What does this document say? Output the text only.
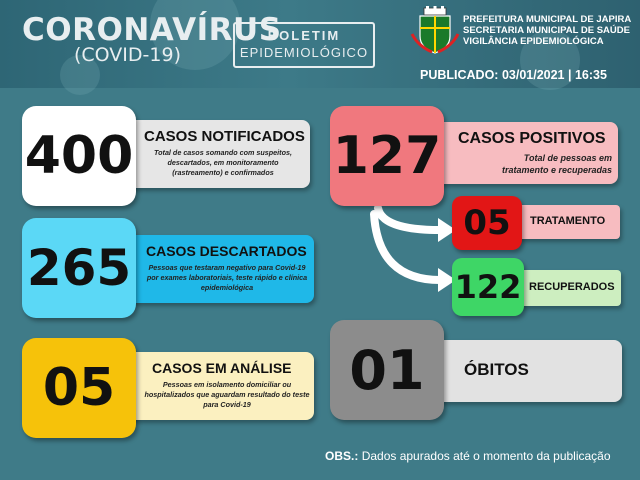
CORONAVÍRUS
(COVID-19)
BOLETIM
EPIDEMIOLÓGICO
PREFEITURA MUNICIPAL DE JAPIRA
SECRETARIA MUNICIPAL DE SAÚDE
VIGILÂNCIA EPIDEMIOLÓGICA
PUBLICADO: 03/01/2021 | 16:35
CASOS NOTIFICADOS
Total de casos somando com suspeitos, descartados, em monitoramento (rastreamento) e confirmados
400
CASOS DESCARTADOS
Pessoas que testaram negativo para Covid-19 por exames laboratoriais, teste rápido e clínica epidemiológica
265
CASOS EM ANÁLISE
Pessoas em isolamento domiciliar ou hospitalizados que aguardam resultado do teste para Covid-19
05
CASOS POSITIVOS
Total de pessoas em tratamento e recuperadas
127
TRATAMENTO
05
RECUPERADOS
122
ÓBITOS
01
OBS.: Dados apurados até o momento da publicação
